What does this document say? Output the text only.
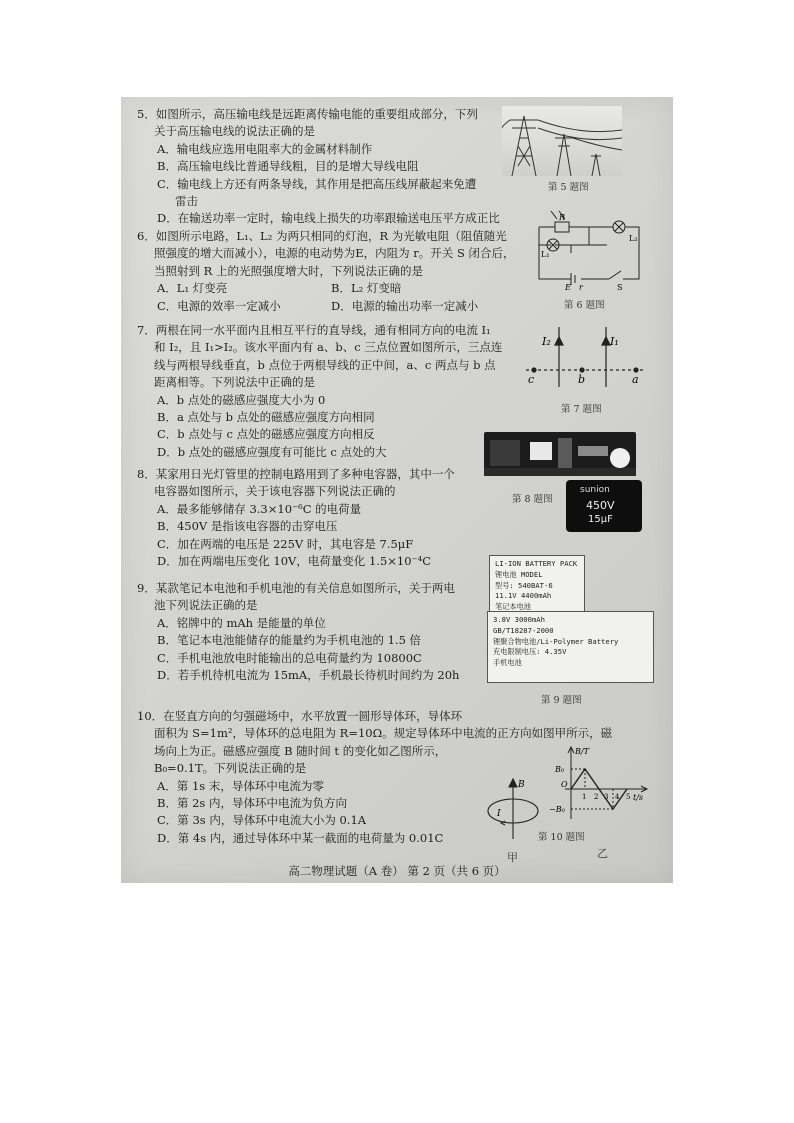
5．如图所示，高压输电线是远距离传输电能的重要组成部分，下列
关于高压输电线的说法正确的是
A．输电线应选用电阻率大的金属材料制作
B．高压输电线比普通导线粗，目的是增大导线电阻
C．输电线上方还有两条导线，其作用是把高压线屏蔽起来免遭
雷击
D．在输送功率一定时，输电线上损失的功率跟输送电压平方成正比
第 5 题图
6．如图所示电路，L₁、L₂ 为两只相同的灯泡，R 为光敏电阻（阻值随光
照强度的增大而减小），电源的电动势为E，内阻为 r。开关 S 闭合后，
当照射到 R 上的光照强度增大时，下列说法正确的是
A．L₁ 灯变亮	B．L₂ 灯变暗
C．电源的效率一定减小	D．电源的输出功率一定减小
R
L₁
L₂
E r	S
第 6 题图
7．两根在同一水平面内且相互平行的直导线，通有相同方向的电流 I₁
和 I₂，且 I₁>I₂。该水平面内有 a、b、c 三点位置如图所示，三点连
线与两根导线垂直，b 点位于两根导线的正中间，a、c 两点与 b 点
距离相等。下列说法中正确的是
A．b 点处的磁感应强度大小为 0
B．a 点处与 b 点处的磁感应强度方向相同
C．b 点处与 c 点处的磁感应强度方向相反
D．b 点处的磁感应强度有可能比 c 点处的大
I₂	I₁
c	b	a
第 7 题图
8．某家用日光灯管里的控制电路用到了多种电容器，其中一个
电容器如图所示，关于该电容器下列说法正确的
A．最多能够储存 3.3×10⁻⁶C 的电荷量
B．450V 是指该电容器的击穿电压
C．加在两端的电压是 225V 时，其电容是 7.5μF
D．加在两端电压变化 10V，电荷量变化 1.5×10⁻⁴C
第 8 题图
sunion
450V
15μF
9．某款笔记本电池和手机电池的有关信息如图所示，关于两电
池下列说法正确的是
A．铭牌中的 mAh 是能量的单位
B．笔记本电池能储存的能量约为手机电池的 1.5 倍
C．手机电池放电时能输出的总电荷量约为 10800C
D．若手机待机电流为 15mA，手机最长待机时间约为 20h
LI-ION BATTERY PACK
锂电池 MODEL
型号: 540BAT-6
11.1V 4400mAh
笔记本电池
3.8V 3000mAh
GB/T18287-2000
锂聚合物电池/Li-Polymer Battery
充电限制电压: 4.35V
手机电池
第 9 题图
10．在竖直方向的匀强磁场中，水平放置一圆形导体环，导体环
面积为 S=1m²，导体环的总电阻为 R=10Ω。规定导体环中电流的正方向如图甲所示，磁
场向上为正。磁感应强度 B 随时间 t 的变化如乙图所示，
B₀=0.1T。下列说法正确的是
A．第 1s 末，导体环中电流为零
B．第 2s 内，导体环中电流为负方向
C．第 3s 内，导体环中电流大小为 0.1A
D．第 4s 内，通过导体环中某一截面的电荷量为 0.01C
B
I
甲
第 10 题图
乙
B/T
B₀
O
−B₀
t/s
1 2 3 4 5
高二物理试题（A 卷） 第 2 页（共 6 页）
